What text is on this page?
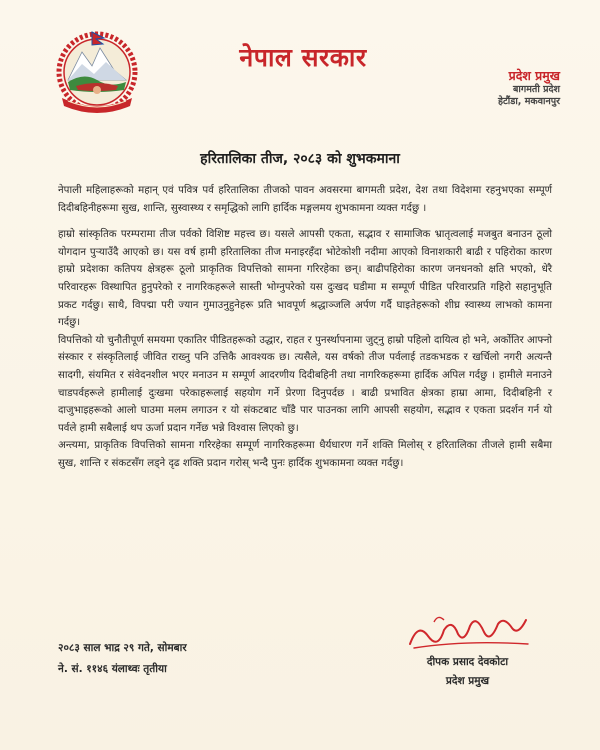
नेपाल सरकार
प्रदेश प्रमुख
बागमती प्रदेश
हेटौंडा, मकवानपुर
हरितालिका तीज, २०८३ को शुभकमाना

नेपाली महिलाहरूको महान् एवं पवित्र पर्व हरितालिका तीजको पावन अवसरमा बागमती प्रदेश, देश तथा विदेशमा रहनुभएका सम्पूर्ण दिदीबहिनीहरूमा सुख, शान्ति, सुस्वास्थ्य र समृद्धिको लागि हार्दिक मङ्गलमय शुभकामना व्यक्त गर्दछु ।

हाम्रो सांस्कृतिक परम्परामा तीज पर्वको विशिष्ट महत्त्व छ। यसले आपसी एकता, सद्भाव र सामाजिक भ्रातृत्वलाई मजबुत बनाउन ठूलो योगदान पुऱ्याउँदै आएको छ। यस वर्ष हामी हरितालिका तीज मनाइरहँदा भोटेकोशी नदीमा आएको विनाशकारी बाढी र पहिरोका कारण हाम्रो प्रदेशका कतिपय क्षेत्रहरू ठूलो प्राकृतिक विपत्तिको सामना गरिरहेका छन्। बाढीपहिरोका कारण जनधनको क्षति भएको, धेरै परिवारहरू विस्थापित हुनुपरेको र नागरिकहरूले सास्ती भोग्नुपरेको यस दुःखद घडीमा म सम्पूर्ण पीडित परिवारप्रति गहिरो सहानुभूति प्रकट गर्दछु। साथै, विपद्मा परी ज्यान गुमाउनुहुनेहरू प्रति भावपूर्ण श्रद्धाञ्जलि अर्पण गर्दै घाइतेहरूको शीघ्र स्वास्थ्य लाभको कामना गर्दछु।

विपत्तिको यो चुनौतीपूर्ण समयमा एकातिर पीडितहरूको उद्धार, राहत र पुनर्स्थापनामा जुट्नु हाम्रो पहिलो दायित्व हो भने, अर्कोतिर आफ्नो संस्कार र संस्कृतिलाई जीवित राख्नु पनि उत्तिकै आवश्यक छ। त्यसैले, यस वर्षको तीज पर्वलाई तडकभडक र खर्चिलो नगरी अत्यन्तै सादगी, संयमित र संवेदनशील भएर मनाउन म सम्पूर्ण आदरणीय दिदीबहिनी तथा नागरिकहरूमा हार्दिक अपिल गर्दछु । हामीले मनाउने चाडपर्वहरूले हामीलाई दुःखमा परेकाहरूलाई सहयोग गर्ने प्रेरणा दिनुपर्दछ । बाढी प्रभावित क्षेत्रका हाम्रा आमा, दिदीबहिनी र दाजुभाइहरूको आलो घाउमा मलम लगाउन र यो संकटबाट चाँडै पार पाउनका लागि आपसी सहयोग, सद्भाव र एकता प्रदर्शन गर्न यो पर्वले हामी सबैलाई थप ऊर्जा प्रदान गर्नेछ भन्ने विश्वास लिएको छु।

अन्त्यमा, प्राकृतिक विपत्तिको सामना गरिरहेका सम्पूर्ण नागरिकहरूमा धैर्यधारण गर्ने शक्ति मिलोस् र हरितालिका तीजले हामी सबैमा सुख, शान्ति र संकटसँग लड्ने दृढ शक्ति प्रदान गरोस् भन्दै पुनः हार्दिक शुभकामना व्यक्त गर्दछु।

२०८३ साल भाद्र २९ गते, सोमबार
ने. सं. ११४६ यंलाथ्वः तृतीया
दीपक प्रसाद देवकोटा
प्रदेश प्रमुख
